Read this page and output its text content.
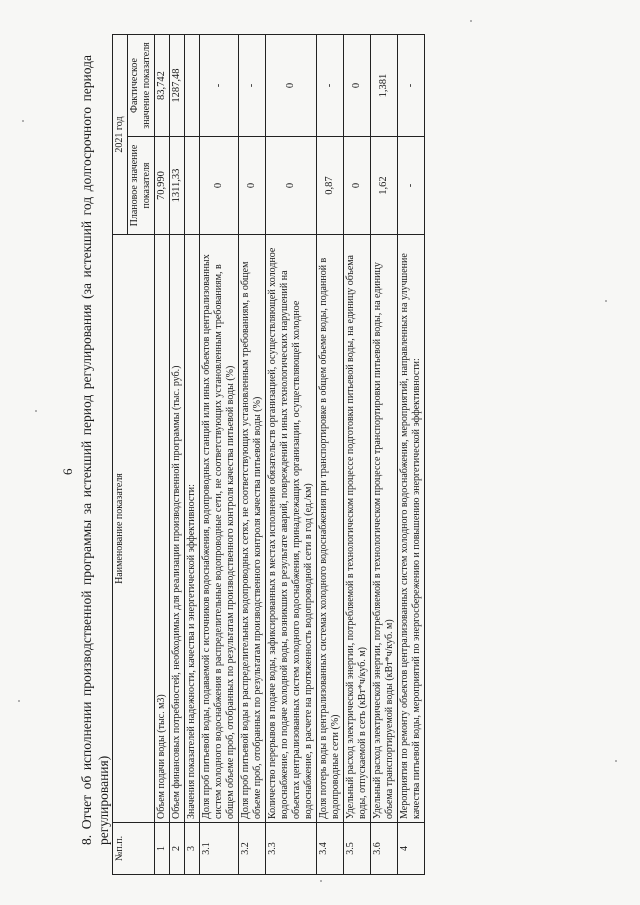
6 8. Отчет об исполнении производственной программы за истекший период регулирования (за истекший год долгосрочного периода регулирования)
№п.п.	Наименование показателя	2021 год	
		Плановое значение показателя	Фактическое значение показателя
1	Объем подачи воды (тыс. м3)	70,990	83,742
2	Объем финансовых потребностей, необходимых для реализации производственной программы (тыс. руб.)	1311,33	1287,48
3	Значения показателей надежности, качества и энергетической эффективности:		
3.1	Доля проб питьевой воды, подаваемой с источников водоснабжения, водопроводных станций или иных объектов централизованных систем холодного водоснабжения в распределительные водопроводные сети, не соответствующих установленным требованиям, в общем объеме проб, отобранных по результатам производственного контроля качества питьевой воды (%)	0	-
3.2	Доля проб питьевой воды в распределительных водопроводных сетях, не соответствующих установленным требованиям, в общем объеме проб, отобранных по результатам производственного контроля качества питьевой воды (%)	0	-
3.3	Количество перерывов в подаче воды, зафиксированных в местах исполнения обязательств организацией, осуществляющей холодное водоснабжение, по подаче холодной воды, возникших в результате аварий, повреждений и иных технологических нарушений на объектах централизованных систем холодного водоснабжения, принадлежащих организации, осуществляющей холодное водоснабжение, в расчете на протяженность водопроводной сети в год (ед./км)	0	0
3.4	Доля потерь воды в централизованных системах холодного водоснабжения при транспортировке в общем объеме воды, поданной в водопроводные сети (%)	0,87	-
3.5	Удельный расход электрической энергии, потребляемой в технологическом процессе подготовки питьевой воды, на единицу объема воды, отпускаемой в сеть (кВт*ч/куб. м)	0	0
3.6	Удельный расход электрической энергии, потребляемой в технологическом процессе транспортировки питьевой воды, на единицу объема транспортируемой воды (кВт*ч/куб. м)	1,62	1,381
4	Мероприятия по ремонту объектов централизованных систем холодного водоснабжения, мероприятий, направленных на улучшение качества питьевой воды, мероприятий по энергосбережению и повышению энергетической эффективности:	-	-
